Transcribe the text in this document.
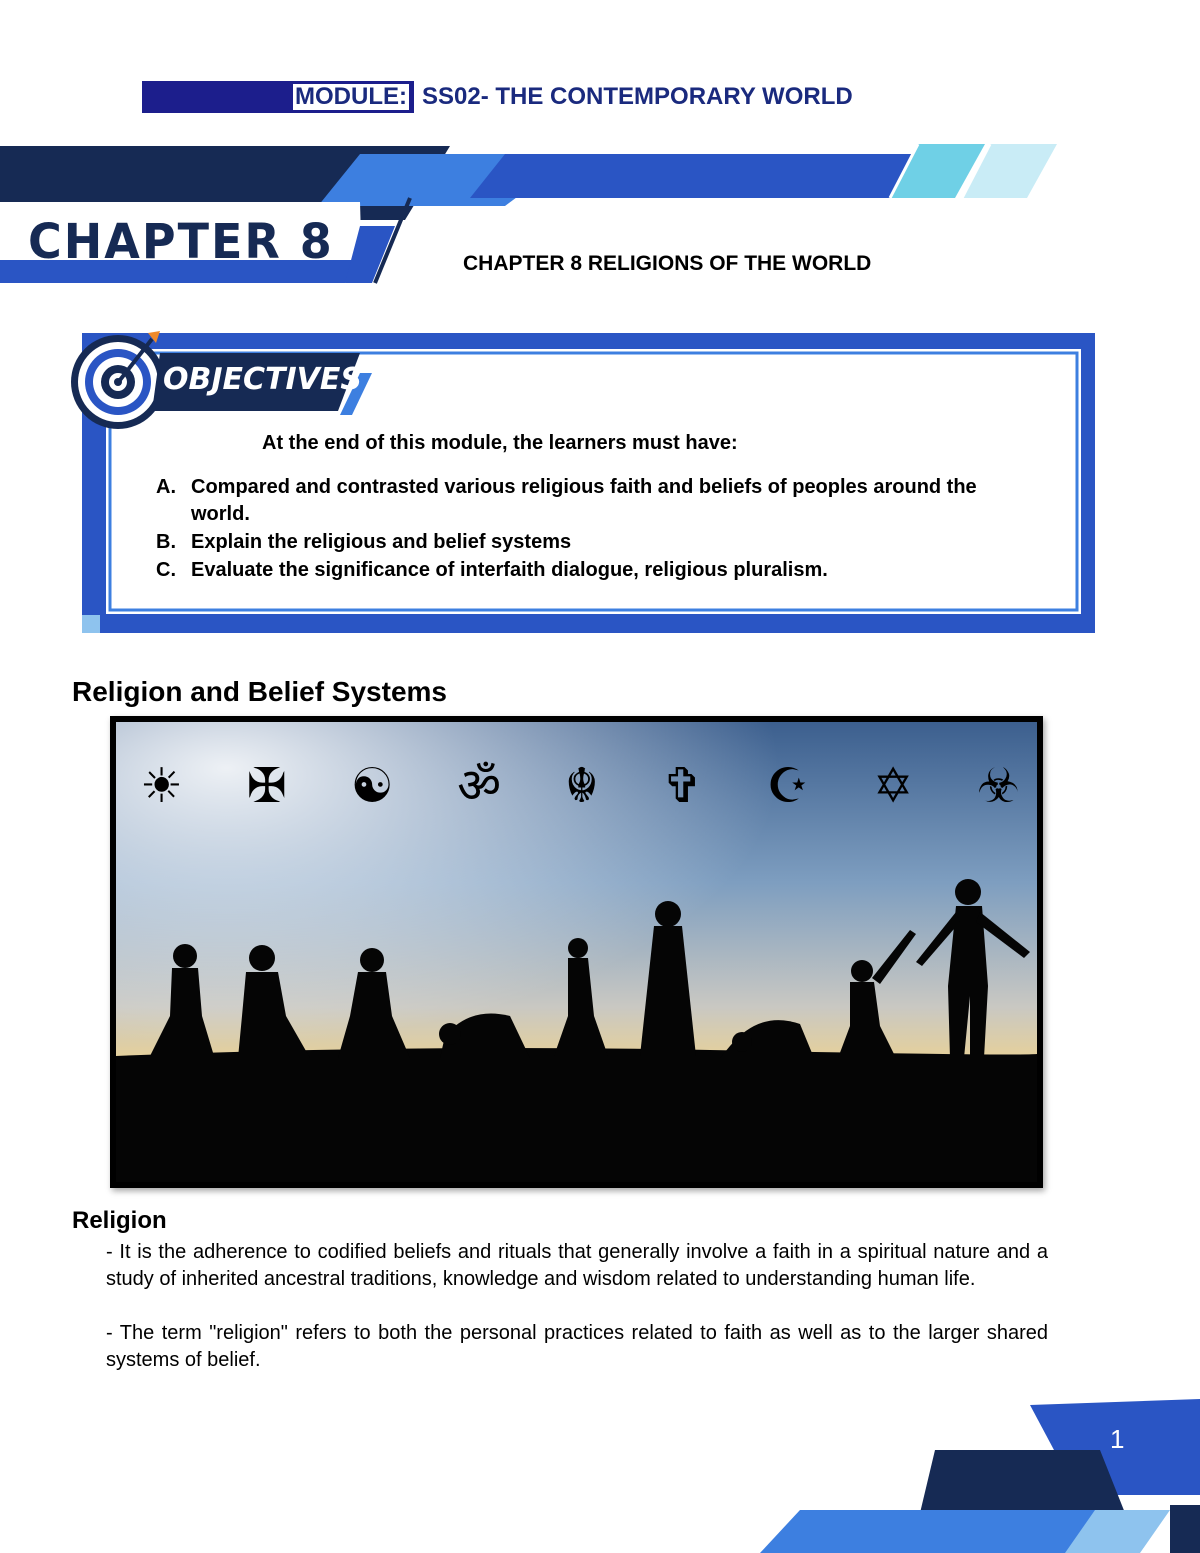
MODULE: SS02- THE CONTEMPORARY WORLD
CHAPTER 8	CHAPTER 8 RELIGIONS OF THE WORLD
OBJECTIVES
At the end of this module, the learners must have:
A. Compared and contrasted various religious faith and beliefs of peoples around the world.
B. Explain the religious and belief systems
C. Evaluate the significance of interfaith dialogue, religious pluralism.
Religion and Belief Systems
☀ ✠ ☯ ॐ ☬ ✞ ☪ ✡ ☣
Religion

- It is the adherence to codified beliefs and rituals that generally involve a faith in a spiritual nature and a study of inherited ancestral traditions, knowledge and wisdom related to understanding human life.

- The term "religion" refers to both the personal practices related to faith as well as to the larger shared systems of belief.

1
